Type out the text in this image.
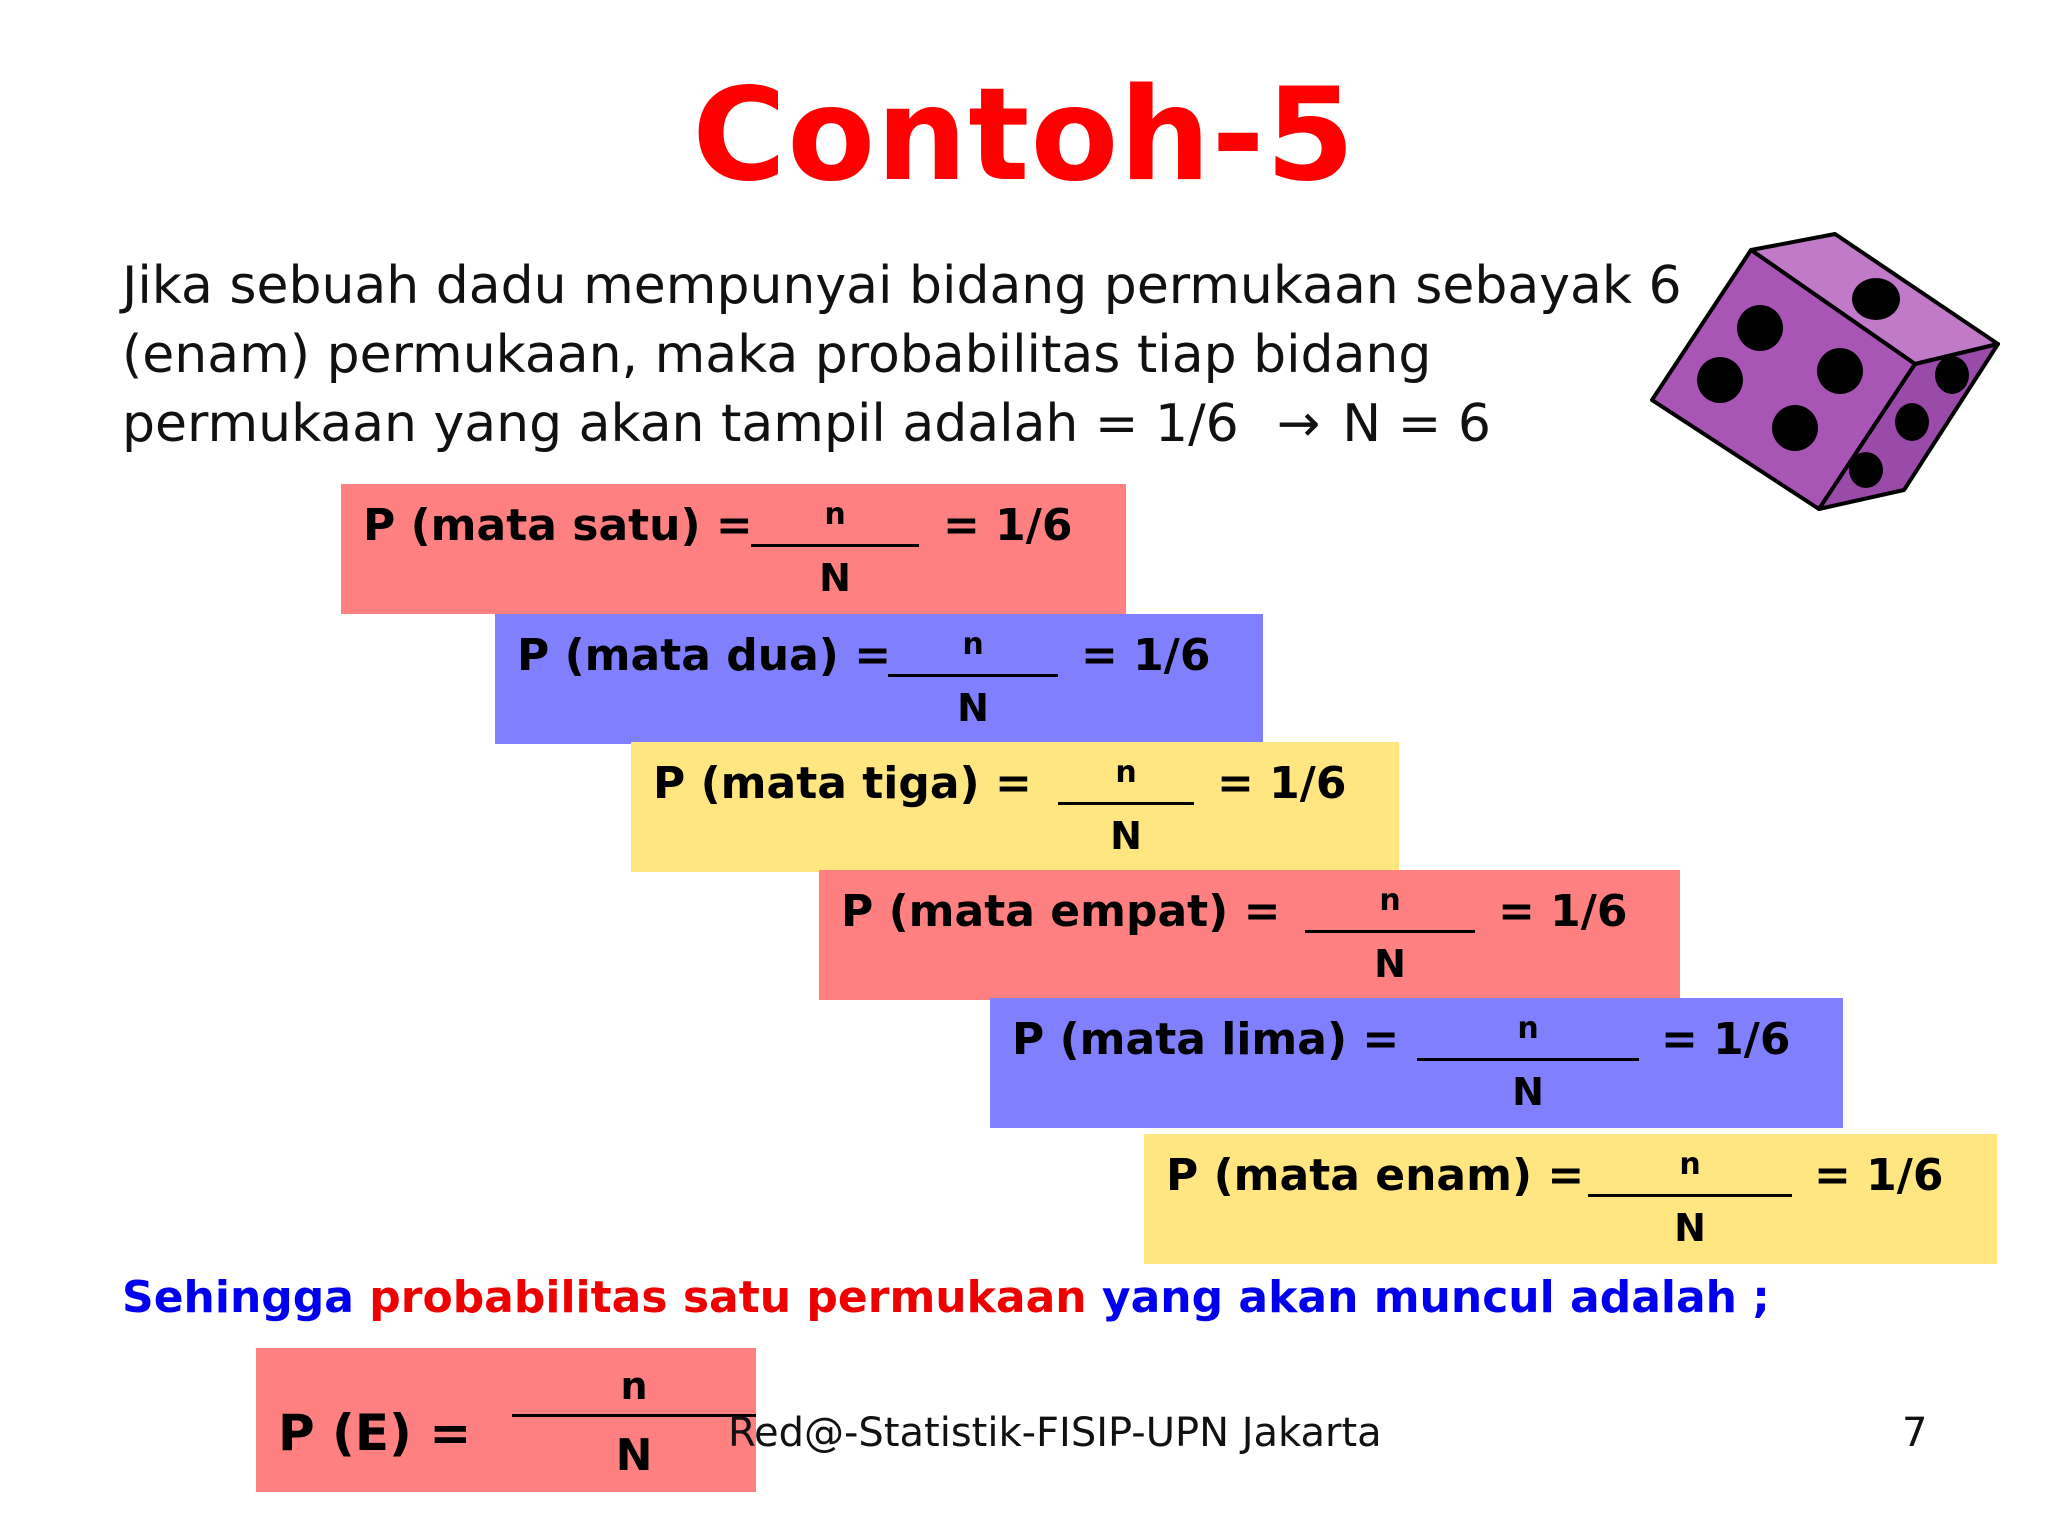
Contoh-5
Jika sebuah dadu mempunyai bidang permukaan sebayak 6
(enam) permukaan, maka probabilitas tiap bidang
permukaan yang akan tampil adalah = 1/6 → N = 6
P (mata satu) =	n
N
= 1/6
P (mata dua) =	n
N
= 1/6
P (mata tiga) =	n
N
= 1/6
P (mata empat) =	n
N
= 1/6
P (mata lima) =	n
N
= 1/6
P (mata enam) =	n
N
= 1/6
Sehingga probabilitas satu permukaan yang akan muncul adalah ;
P (E) =
n
N	Red@-Statistik-FISIP-UPN Jakarta	7
